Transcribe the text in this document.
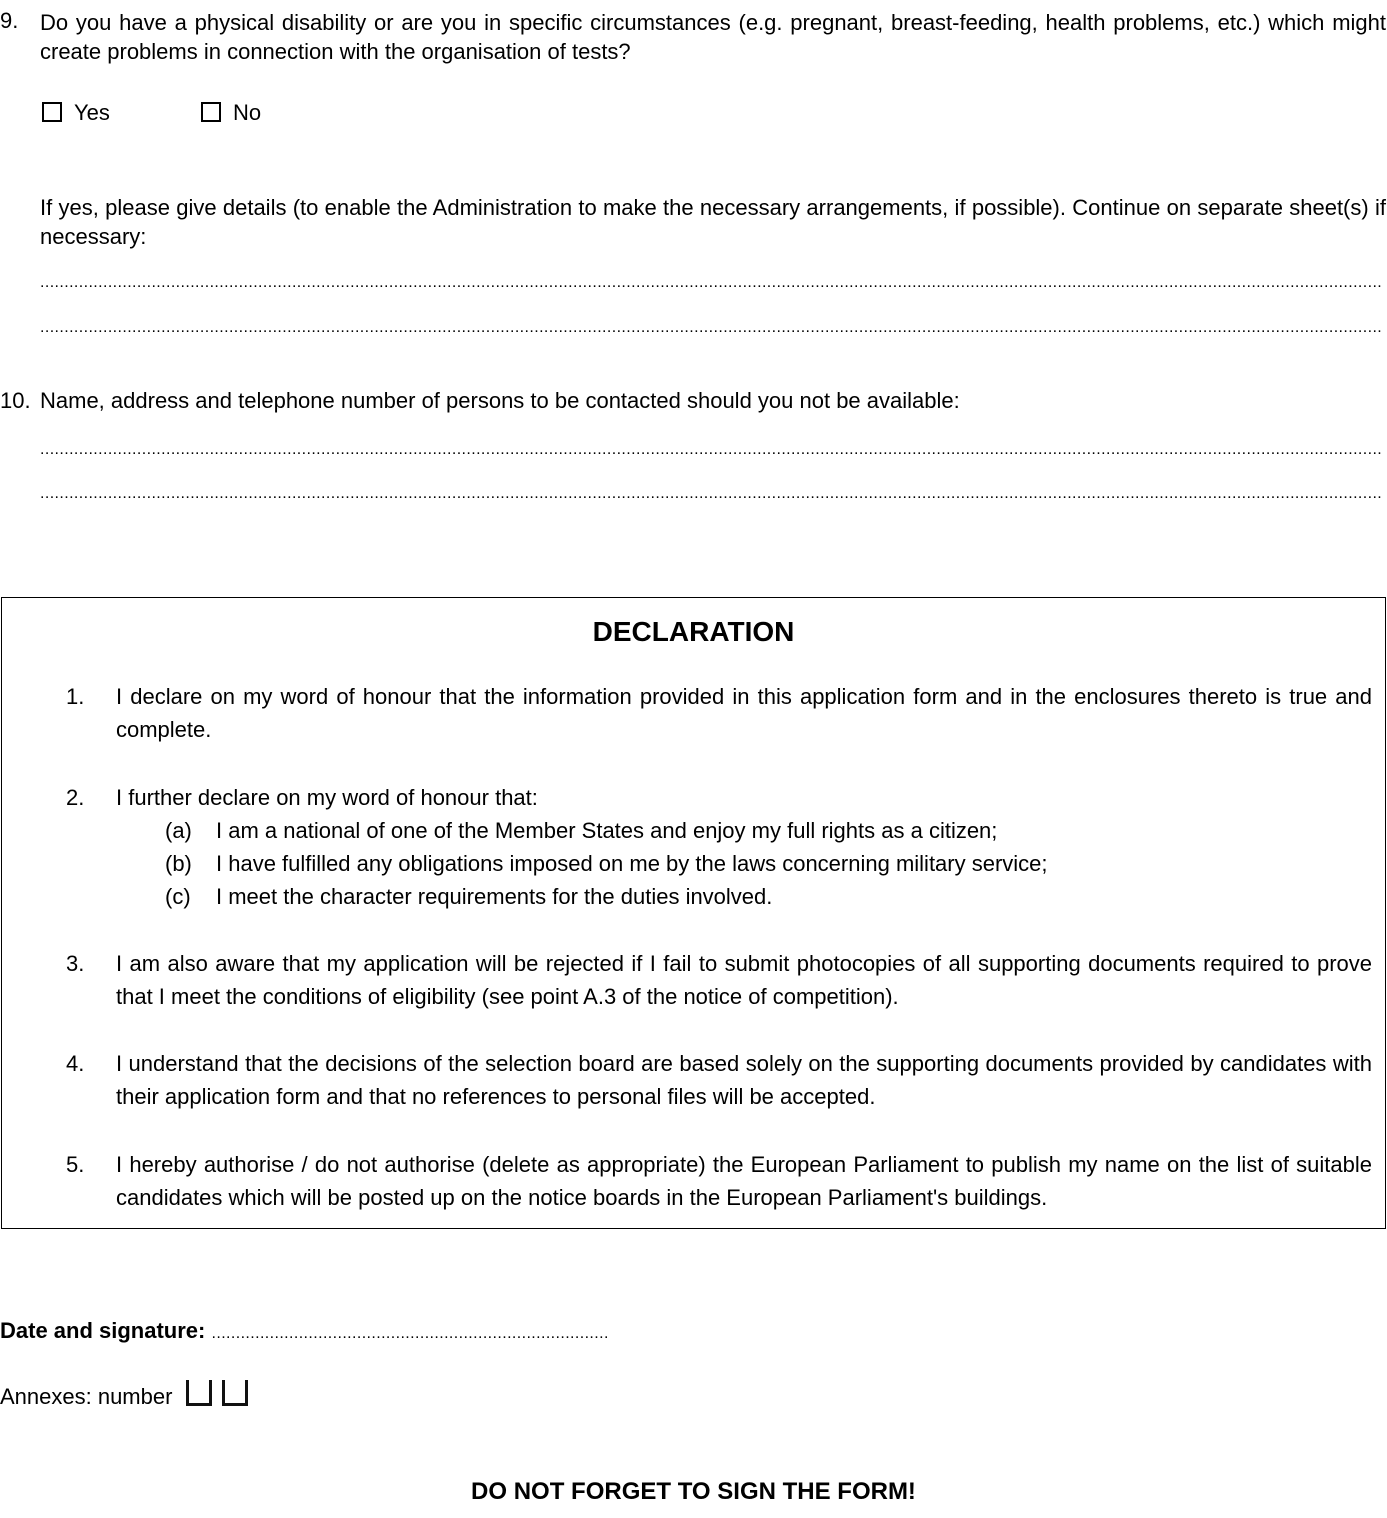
9. Do you have a physical disability or are you in specific circumstances (e.g. pregnant, breast-feeding, health problems, etc.) which might create problems in connection with the organisation of tests?
Yes	No
If yes, please give details (to enable the Administration to make the necessary arrangements, if possible). Continue on separate sheet(s) if necessary:
.....
.....
10. Name, address and telephone number of persons to be contacted should you not be available:
.....
.....
DECLARATION
1. I declare on my word of honour that the information provided in this application form and in the enclosures thereto is true and complete.
2. I further declare on my word of honour that:
(a) I am a national of one of the Member States and enjoy my full rights as a citizen;
(b) I have fulfilled any obligations imposed on me by the laws concerning military service;
(c) I meet the character requirements for the duties involved.
3. I am also aware that my application will be rejected if I fail to submit photocopies of all supporting documents required to prove that I meet the conditions of eligibility (see point A.3 of the notice of competition).
4. I understand that the decisions of the selection board are based solely on the supporting documents provided by candidates with their application form and that no references to personal files will be accepted.
5. I hereby authorise / do not authorise (delete as appropriate) the European Parliament to publish my name on the list of suitable candidates which will be posted up on the notice boards in the European Parliament's buildings.
Date and signature: ..................................................................................
Annexes: number
DO NOT FORGET TO SIGN THE FORM!
